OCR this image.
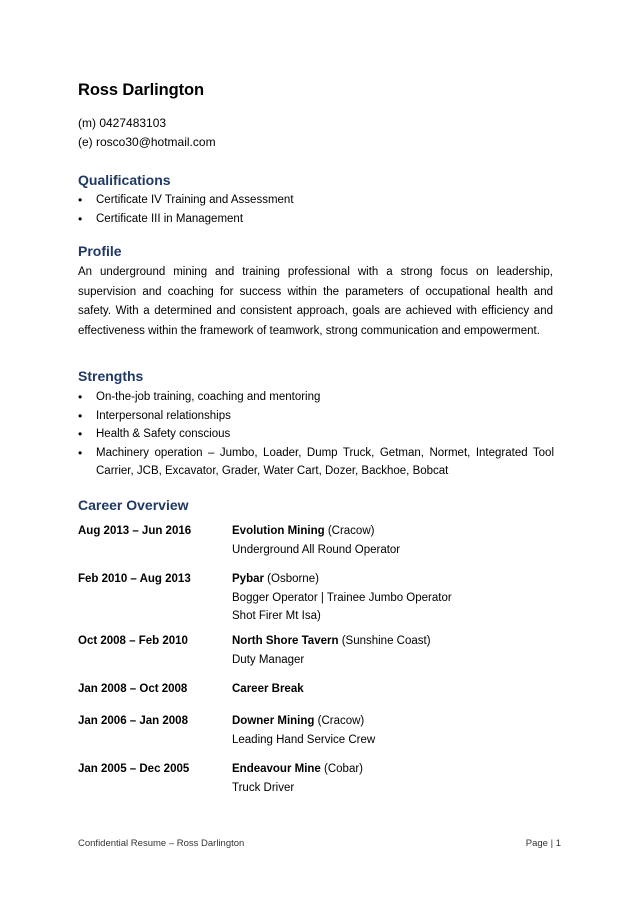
Ross Darlington
(m) 0427483103
(e) rosco30@hotmail.com
Qualifications
• Certificate IV Training and Assessment
• Certificate III in Management
Profile

An underground mining and training professional with a strong focus on leadership, supervision and coaching for success within the parameters of occupational health and safety. With a determined and consistent approach, goals are achieved with efficiency and effectiveness within the framework of teamwork, strong communication and empowerment.

Strengths
• On-the-job training, coaching and mentoring
• Interpersonal relationships
• Health & Safety conscious
• Machinery operation – Jumbo, Loader, Dump Truck, Getman, Normet, Integrated Tool Carrier, JCB, Excavator, Grader, Water Cart, Dozer, Backhoe, Bobcat
Career Overview
Aug 2013 – Jun 2016	Evolution Mining (Cracow)
Underground All Round Operator
Feb 2010 – Aug 2013	Pybar (Osborne)
Bogger Operator | Trainee Jumbo Operator
Shot Firer Mt Isa)
Oct 2008 – Feb 2010	North Shore Tavern (Sunshine Coast)
Duty Manager
Jan 2008 – Oct 2008	Career Break
Jan 2006 – Jan 2008	Downer Mining (Cracow)
Leading Hand Service Crew
Jan 2005 – Dec 2005	Endeavour Mine (Cobar)
Truck Driver
Confidential Resume – Ross Darlington	Page | 1
